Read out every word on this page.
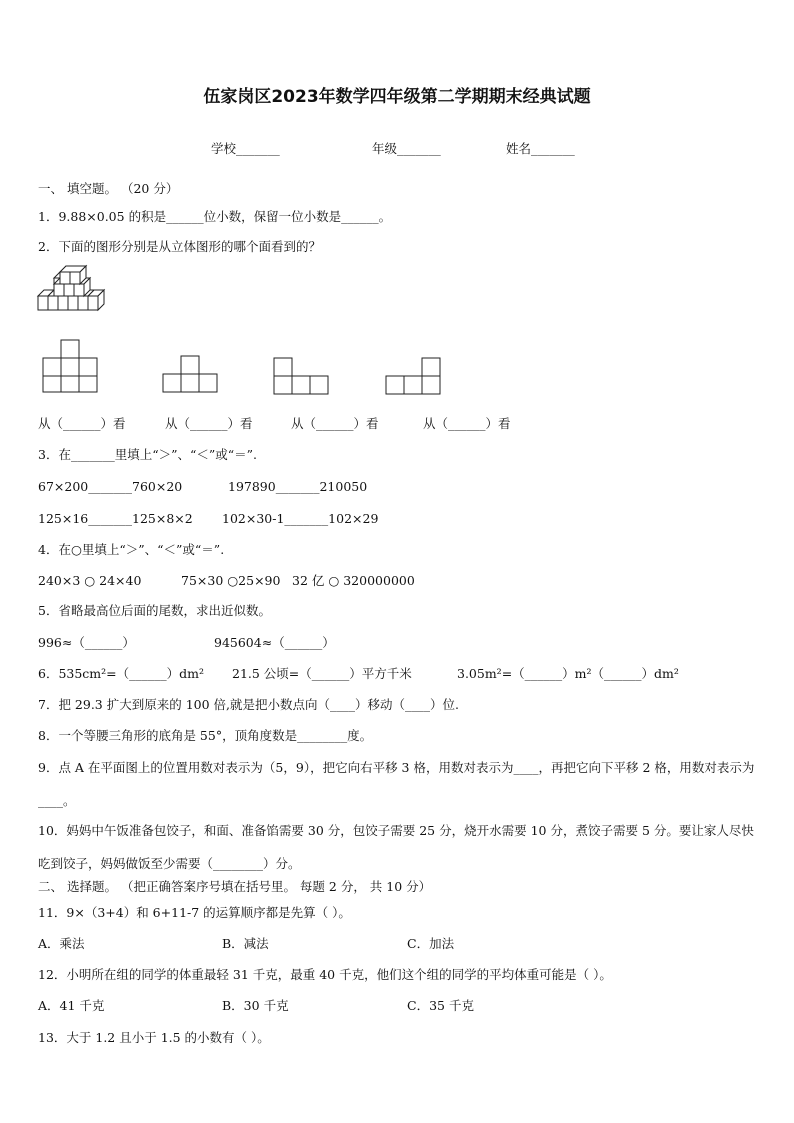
伍家岗区2023年数学四年级第二学期期末经典试题
学校_______	年级_______	姓名_______
一、 填空题。 （20 分）
1．9.88×0.05 的积是______位小数，保留一位小数是______。
2．下面的图形分别是从立体图形的哪个面看到的？
从（______）看	从（______）看	从（______）看	从（______）看
3．在_______里填上“＞”、“＜”或“＝”.
67×200_______760×20	197890_______210050
125×16_______125×8×2 102×30-1_______102×29
4．在○里填上“＞”、“＜”或“＝”.
240×3 ○ 24×40	75×30 ○25×90 32 亿 ○ 320000000
5．省略最高位后面的尾数，求出近似数。
996≈（______）	945604≈（______）
6．535cm²=（______）dm² 21.5 公顷=（______）平方千米	3.05m²=（______）m²（______）dm²
7．把 29.3 扩大到原来的 100 倍,就是把小数点向（____）移动（____）位.
8．一个等腰三角形的底角是 55°，顶角度数是________度。
9．点 A 在平面图上的位置用数对表示为（5，9），把它向右平移 3 格，用数对表示为____，再把它向下平移 2 格，用数对表示为____。
10．妈妈中午饭准备包饺子，和面、准备馅需要 30 分，包饺子需要 25 分，烧开水需要 10 分，煮饺子需要 5 分。要让家人尽快吃到饺子，妈妈做饭至少需要（________）分。
二、 选择题。 （把正确答案序号填在括号里。 每题 2 分， 共 10 分）
11．9×（3+4）和 6+11-7 的运算顺序都是先算（ ）。
A．乘法	B．减法	C．加法
12．小明所在组的同学的体重最轻 31 千克，最重 40 千克，他们这个组的同学的平均体重可能是（ ）。
A．41 千克	B．30 千克	C．35 千克
13．大于 1.2 且小于 1.5 的小数有（ ）。
